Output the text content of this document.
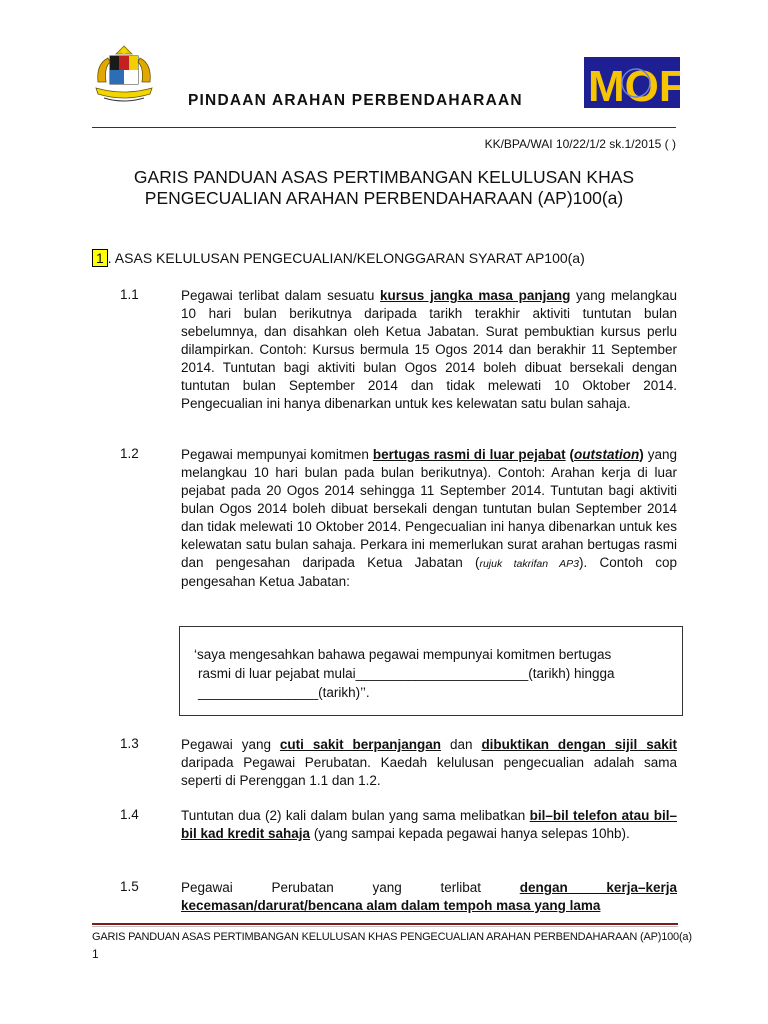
MOF
PINDAAN ARAHAN PERBENDAHARAAN
KK/BPA/WAI 10/22/1/2 sk.1/2015 ( )
GARIS PANDUAN ASAS PERTIMBANGAN KELULUSAN KHAS
PENGECUALIAN ARAHAN PERBENDAHARAAN (AP)100(a)
1 . ASAS KELULUSAN PENGECUALIAN/KELONGGARAN SYARAT AP100(a)
1.1	Pegawai terlibat dalam sesuatu kursus jangka masa panjang yang melangkau 10 hari bulan berikutnya daripada tarikh terakhir aktiviti tuntutan bulan sebelumnya, dan disahkan oleh Ketua Jabatan. Surat pembuktian kursus perlu dilampirkan. Contoh: Kursus bermula 15 Ogos 2014 dan berakhir 11 September 2014. Tuntutan bagi aktiviti bulan Ogos 2014 boleh dibuat bersekali dengan tuntutan bulan September 2014 dan tidak melewati 10 Oktober 2014. Pengecualian ini hanya dibenarkan untuk kes kelewatan satu bulan sahaja.
1.2	Pegawai mempunyai komitmen bertugas rasmi di luar pejabat (outstation) yang melangkau 10 hari bulan pada bulan berikutnya). Contoh: Arahan kerja di luar pejabat pada 20 Ogos 2014 sehingga 11 September 2014. Tuntutan bagi aktiviti bulan Ogos 2014 boleh dibuat bersekali dengan tuntutan bulan September 2014 dan tidak melewati 10 Oktober 2014. Pengecualian ini hanya dibenarkan untuk kes kelewatan satu bulan sahaja. Perkara ini memerlukan surat arahan bertugas rasmi dan pengesahan daripada Ketua Jabatan (rujuk takrifan AP3). Contoh cop pengesahan Ketua Jabatan:
‘saya mengesahkan bahawa pegawai mempunyai komitmen bertugas
rasmi di luar pejabat mulai_______________________(tarikh) hingga
________________(tarikh)’’.
1.3	Pegawai yang cuti sakit berpanjangan dan dibuktikan dengan sijil sakit daripada Pegawai Perubatan. Kaedah kelulusan pengecualian adalah sama seperti di Perenggan 1.1 dan 1.2.
1.4	Tuntutan dua (2) kali dalam bulan yang sama melibatkan bil–bil telefon atau bil–bil kad kredit sahaja (yang sampai kepada pegawai hanya selepas 10hb).
1.5	Pegawai Perubatan yang terlibat dengan kerja–kerja kecemasan/darurat/bencana alam dalam tempoh masa yang lama
GARIS PANDUAN ASAS PERTIMBANGAN KELULUSAN KHAS PENGECUALIAN ARAHAN PERBENDAHARAAN (AP)100(a)
1
